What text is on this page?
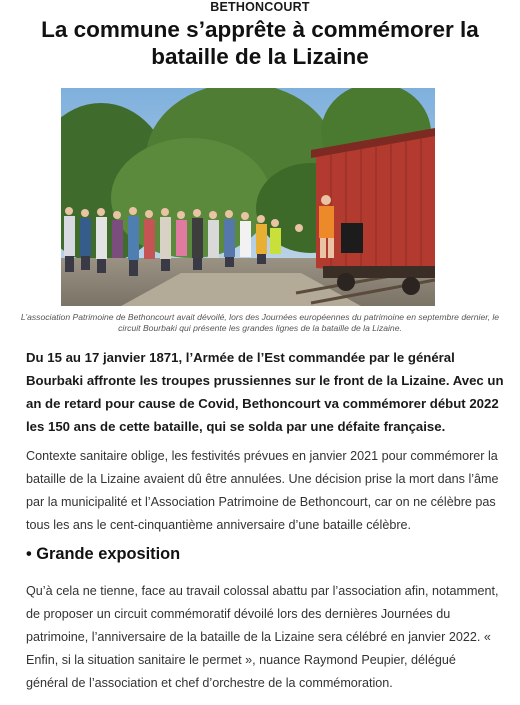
BETHONCOURT
La commune s’apprête à commémorer la bataille de la Lizaine

L’association Patrimoine de Bethoncourt avait dévoilé, lors des Journées européennes du patrimoine en septembre dernier, le circuit Bourbaki qui présente les grandes lignes de la bataille de la Lizaine.

Du 15 au 17 janvier 1871, l’Armée de l’Est commandée par le général Bourbaki affronte les troupes prussiennes sur le front de la Lizaine. Avec un an de retard pour cause de Covid, Bethoncourt va commémorer début 2022 les 150 ans de cette bataille, qui se solda par une défaite française.

Contexte sanitaire oblige, les festivités prévues en janvier 2021 pour commémorer la bataille de la Lizaine avaient dû être annulées. Une décision prise la mort dans l’âme par la municipalité et l’Association Patrimoine de Bethoncourt, car on ne célèbre pas tous les ans le cent-cinquantième anniversaire d’une bataille célèbre.

• Grande exposition

Qu’à cela ne tienne, face au travail colossal abattu par l’association afin, notamment, de proposer un circuit commémoratif dévoilé lors des dernières Journées du patrimoine, l’anniversaire de la bataille de la Lizaine sera célébré en janvier 2022. « Enfin, si la situation sanitaire le permet », nuance Raymond Peupier, délégué général de l’association et chef d’orchestre de la commémoration.
